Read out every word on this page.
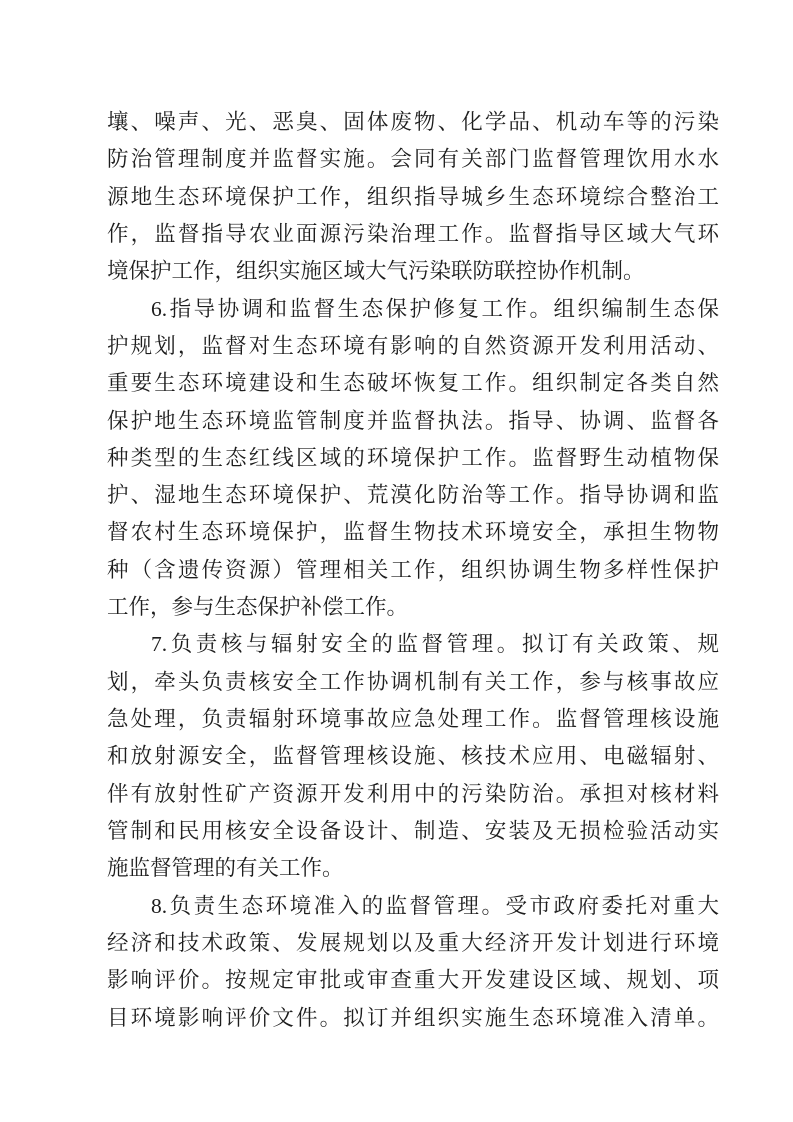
壤、噪声、光、恶臭、固体废物、化学品、机动车等的污染
防治管理制度并监督实施。会同有关部门监督管理饮用水水
源地生态环境保护工作，组织指导城乡生态环境综合整治工
作，监督指导农业面源污染治理工作。监督指导区域大气环
境保护工作，组织实施区域大气污染联防联控协作机制。
6.指导协调和监督生态保护修复工作。组织编制生态保
护规划，监督对生态环境有影响的自然资源开发利用活动、
重要生态环境建设和生态破坏恢复工作。组织制定各类自然
保护地生态环境监管制度并监督执法。指导、协调、监督各
种类型的生态红线区域的环境保护工作。监督野生动植物保
护、湿地生态环境保护、荒漠化防治等工作。指导协调和监
督农村生态环境保护，监督生物技术环境安全，承担生物物
种（含遗传资源）管理相关工作，组织协调生物多样性保护
工作，参与生态保护补偿工作。
7.负责核与辐射安全的监督管理。拟订有关政策、规
划，牵头负责核安全工作协调机制有关工作，参与核事故应
急处理，负责辐射环境事故应急处理工作。监督管理核设施
和放射源安全，监督管理核设施、核技术应用、电磁辐射、
伴有放射性矿产资源开发利用中的污染防治。承担对核材料
管制和民用核安全设备设计、制造、安装及无损检验活动实
施监督管理的有关工作。
8.负责生态环境准入的监督管理。受市政府委托对重大
经济和技术政策、发展规划以及重大经济开发计划进行环境
影响评价。按规定审批或审查重大开发建设区域、规划、项
目环境影响评价文件。拟订并组织实施生态环境准入清单。
